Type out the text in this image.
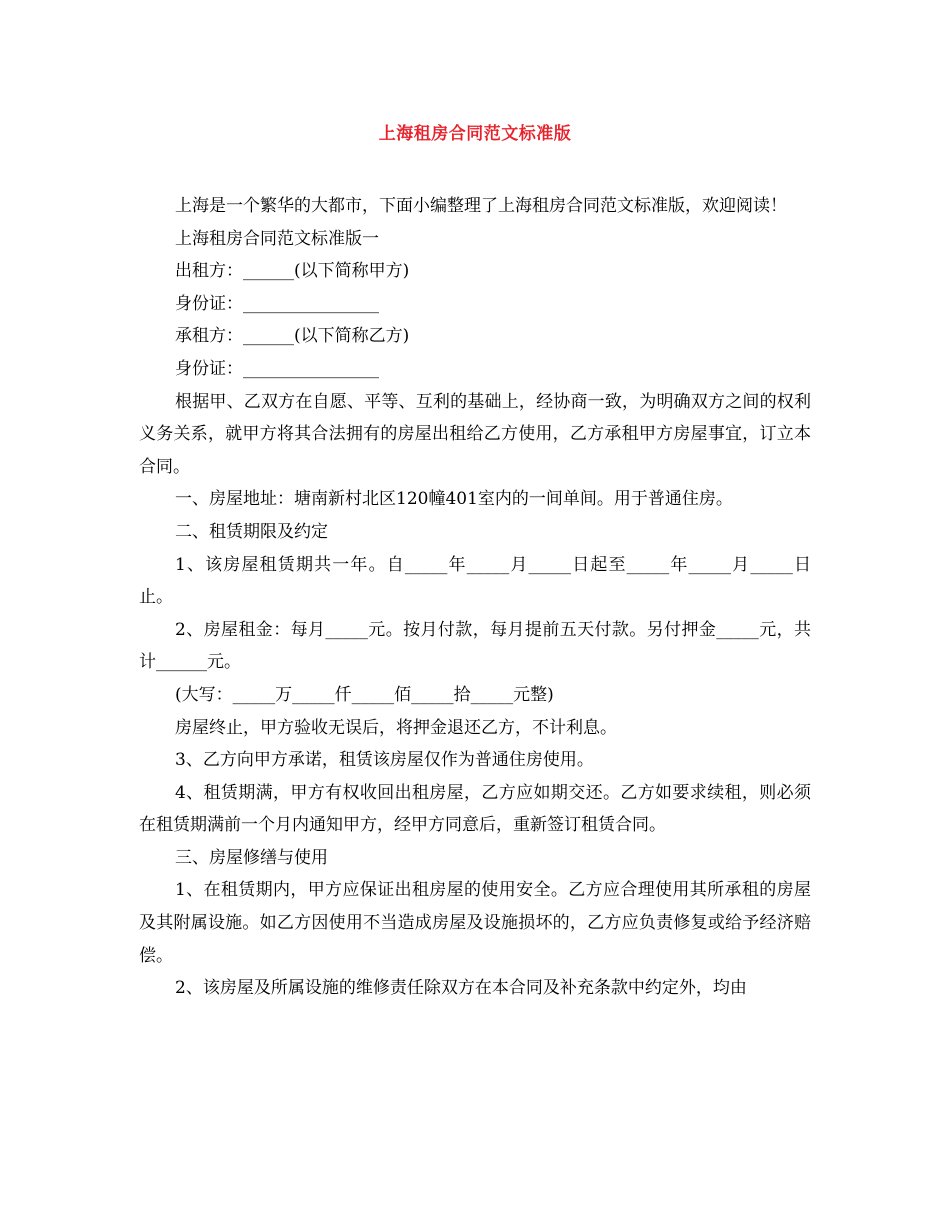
上海租房合同范文标准版

上海是一个繁华的大都市，下面小编整理了上海租房合同范文标准版，欢迎阅读！

上海租房合同范文标准版一

出租方：______(以下简称甲方)

身份证：________________

承租方：______(以下简称乙方)

身份证：________________

根据甲、乙双方在自愿、平等、互利的基础上，经协商一致，为明确双方之间的权利义务关系，就甲方将其合法拥有的房屋出租给乙方使用，乙方承租甲方房屋事宜，订立本合同。

一、房屋地址：塘南新村北区120幢401室内的一间单间。用于普通住房。

二、租赁期限及约定

1、该房屋租赁期共一年。自_____年_____月_____日起至_____年_____月_____日止。

2、房屋租金：每月_____元。按月付款，每月提前五天付款。另付押金_____元，共计______元。

(大写：_____万_____仟_____佰_____拾_____元整)

房屋终止，甲方验收无误后，将押金退还乙方，不计利息。

3、乙方向甲方承诺，租赁该房屋仅作为普通住房使用。

4、租赁期满，甲方有权收回出租房屋，乙方应如期交还。乙方如要求续租，则必须在租赁期满前一个月内通知甲方，经甲方同意后，重新签订租赁合同。

三、房屋修缮与使用

1、在租赁期内，甲方应保证出租房屋的使用安全。乙方应合理使用其所承租的房屋及其附属设施。如乙方因使用不当造成房屋及设施损坏的，乙方应负责修复或给予经济赔偿。

2、该房屋及所属设施的维修责任除双方在本合同及补充条款中约定外，均由
